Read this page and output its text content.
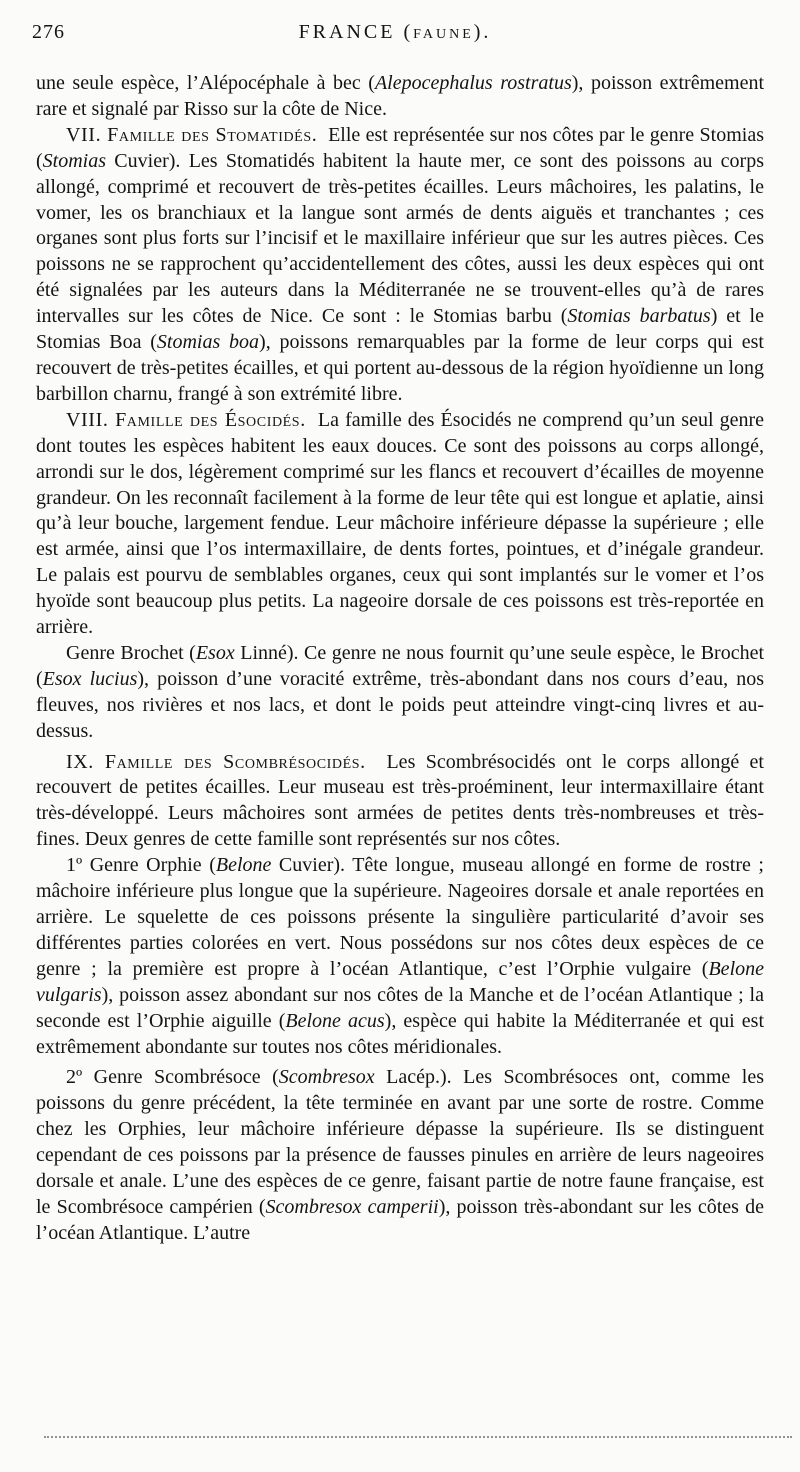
276	FRANCE (faune).

une seule espèce, l’Alépocéphale à bec (Alepocephalus rostratus), poisson extrêmement rare et signalé par Risso sur la côte de Nice.

VII. Famille des Stomatidés.  Elle est représentée sur nos côtes par le genre Stomias (Stomias Cuvier). Les Stomatidés habitent la haute mer, ce sont des poissons au corps allongé, comprimé et recouvert de très-petites écailles. Leurs mâchoires, les palatins, le vomer, les os branchiaux et la langue sont armés de dents aiguës et tranchantes ; ces organes sont plus forts sur l’incisif et le maxillaire inférieur que sur les autres pièces. Ces poissons ne se rapprochent qu’accidentellement des côtes, aussi les deux espèces qui ont été signalées par les auteurs dans la Méditerranée ne se trouvent-elles qu’à de rares intervalles sur les côtes de Nice. Ce sont : le Stomias barbu (Stomias barbatus) et le Stomias Boa (Stomias boa), poissons remarquables par la forme de leur corps qui est recouvert de très-petites écailles, et qui portent au-dessous de la région hyoïdienne un long barbillon charnu, frangé à son extrémité libre.

VIII. Famille des Ésocidés.  La famille des Ésocidés ne comprend qu’un seul genre dont toutes les espèces habitent les eaux douces. Ce sont des poissons au corps allongé, arrondi sur le dos, légèrement comprimé sur les flancs et recouvert d’écailles de moyenne grandeur. On les reconnaît facilement à la forme de leur tête qui est longue et aplatie, ainsi qu’à leur bouche, largement fendue. Leur mâchoire inférieure dépasse la supérieure ; elle est armée, ainsi que l’os intermaxillaire, de dents fortes, pointues, et d’inégale grandeur. Le palais est pourvu de semblables organes, ceux qui sont implantés sur le vomer et l’os hyoïde sont beaucoup plus petits. La nageoire dorsale de ces poissons est très-reportée en arrière.

Genre Brochet (Esox Linné). Ce genre ne nous fournit qu’une seule espèce, le Brochet (Esox lucius), poisson d’une voracité extrême, très-abondant dans nos cours d’eau, nos fleuves, nos rivières et nos lacs, et dont le poids peut atteindre vingt-cinq livres et au-dessus.

IX. Famille des Scombrésocidés.  Les Scombrésocidés ont le corps allongé et recouvert de petites écailles. Leur museau est très-proéminent, leur intermaxillaire étant très-développé. Leurs mâchoires sont armées de petites dents très-nombreuses et très-fines. Deux genres de cette famille sont représentés sur nos côtes.

1º Genre Orphie (Belone Cuvier). Tête longue, museau allongé en forme de rostre ; mâchoire inférieure plus longue que la supérieure. Nageoires dorsale et anale reportées en arrière. Le squelette de ces poissons présente la singulière particularité d’avoir ses différentes parties colorées en vert. Nous possédons sur nos côtes deux espèces de ce genre ; la première est propre à l’océan Atlantique, c’est l’Orphie vulgaire (Belone vulgaris), poisson assez abondant sur nos côtes de la Manche et de l’océan Atlantique ; la seconde est l’Orphie aiguille (Belone acus), espèce qui habite la Méditerranée et qui est extrêmement abondante sur toutes nos côtes méridionales.

2º Genre Scombrésoce (Scombresox Lacép.). Les Scombrésoces ont, comme les poissons du genre précédent, la tête terminée en avant par une sorte de rostre. Comme chez les Orphies, leur mâchoire inférieure dépasse la supérieure. Ils se distinguent cependant de ces poissons par la présence de fausses pinules en arrière de leurs nageoires dorsale et anale. L’une des espèces de ce genre, faisant partie de notre faune française, est le Scombrésoce campérien (Scombresox camperii), poisson très-abondant sur les côtes de l’océan Atlantique. L’autre
